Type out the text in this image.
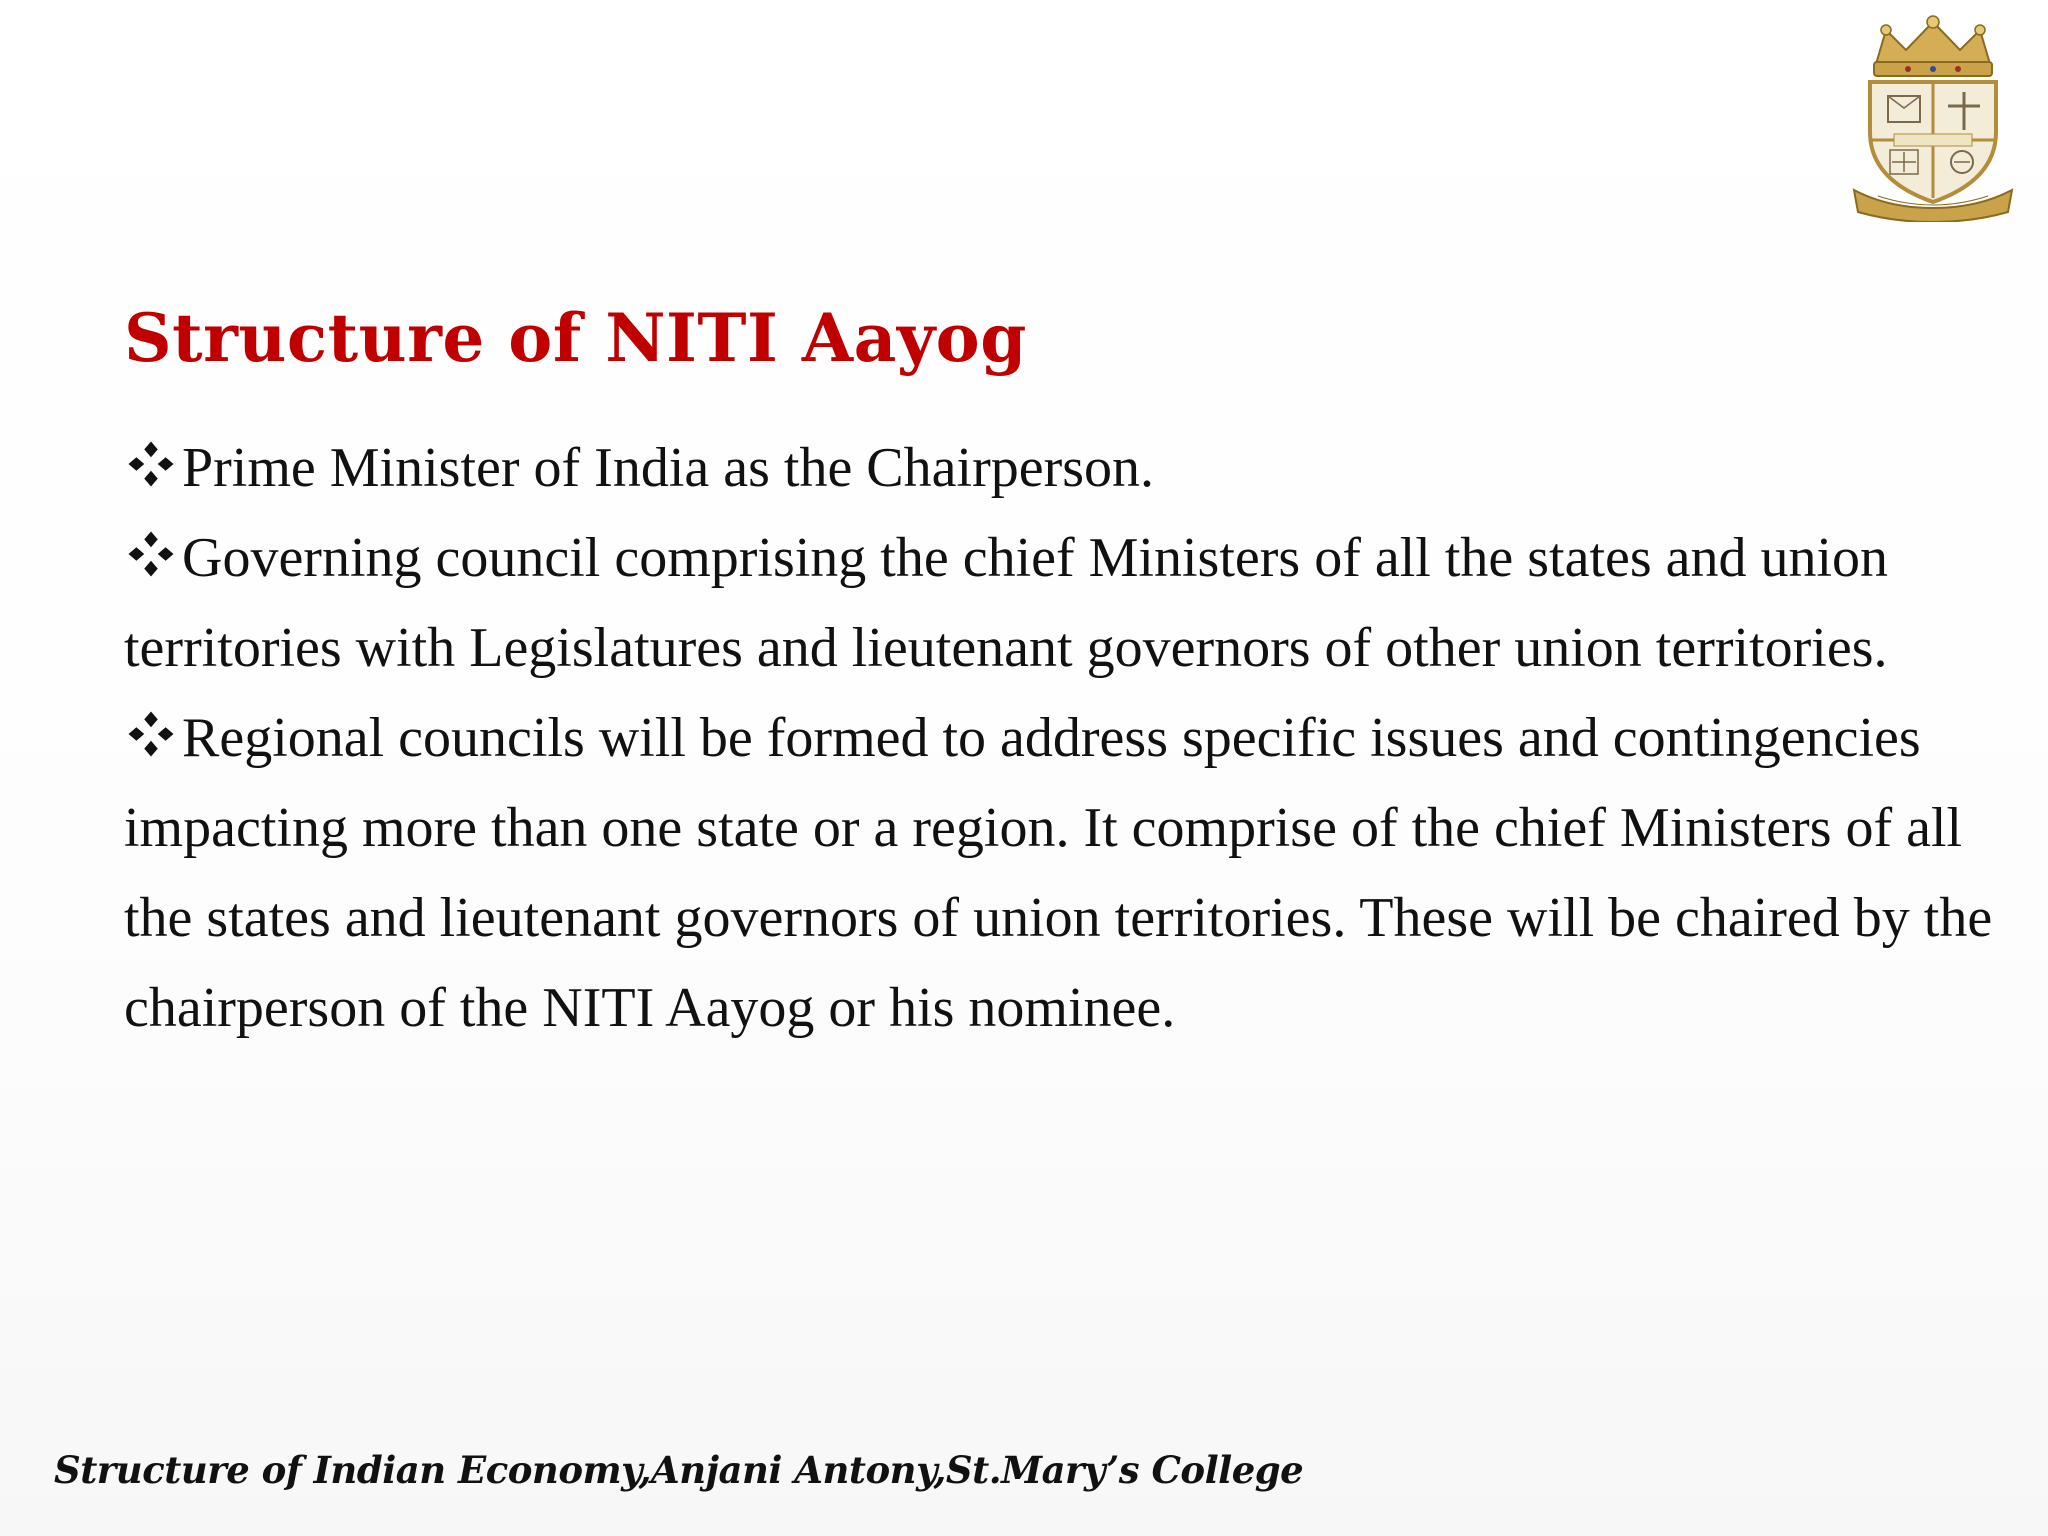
Structure of NITI Aayog

Prime Minister of India as the Chairperson.

Governing council comprising the chief Ministers of all the states and union territories with Legislatures and lieutenant governors of other union territories.

Regional councils will be formed to address specific issues and contingencies impacting more than one state or a region. It comprise of the chief Ministers of all the states and lieutenant governors of union territories. These will be chaired by the chairperson of the NITI Aayog or his nominee.

Structure of Indian Economy,Anjani Antony,St.Mary’s College
